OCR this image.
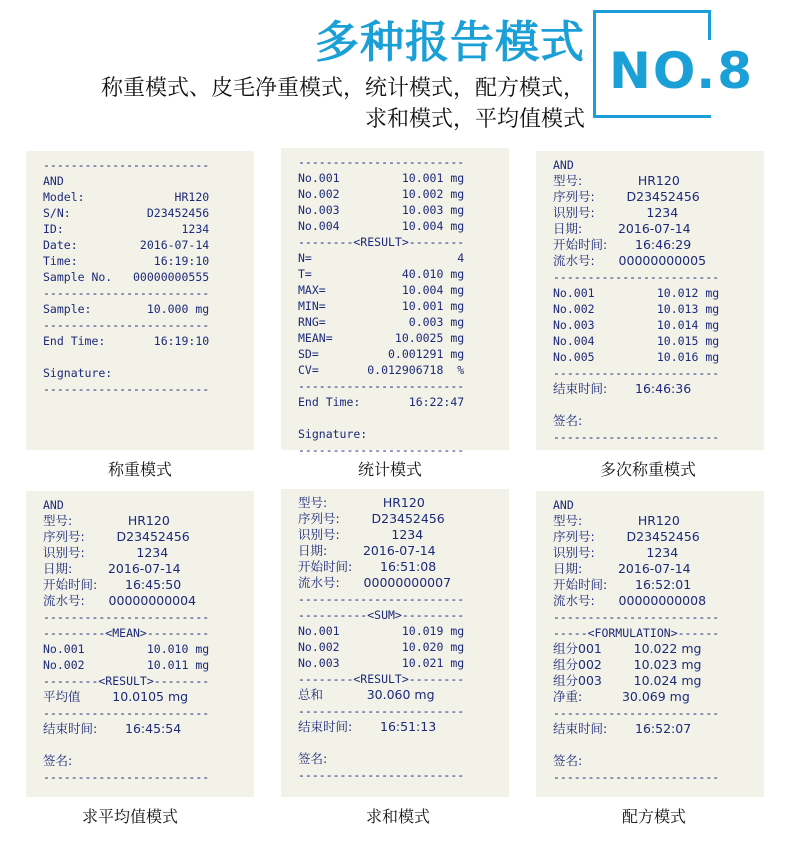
多种报告模式
称重模式、皮毛净重模式，统计模式，配方模式，
求和模式，平均值模式
NO.8
------------------------
AND
Model:             HR120
S/N:           D23452456
ID:                 1234
Date:         2016-07-14
Time:           16:19:10
Sample No.   00000000555
------------------------
Sample:        10.000 mg
------------------------
End Time:       16:19:10
Signature:
------------------------
称重模式
------------------------
No.001         10.001 mg
No.002         10.002 mg
No.003         10.003 mg
No.004         10.004 mg
--------<RESULT>--------
N=                     4
T=             40.010 mg
MAX=           10.004 mg
MIN=           10.001 mg
RNG=            0.003 mg
MEAN=         10.0025 mg
SD=          0.001291 mg
CV=       0.012906718  %
------------------------
End Time:       16:22:47
Signature:
------------------------
统计模式
AND
型号:              HR120
序列号:        D23452456
识别号:             1234
日期:         2016-07-14
开始时间:       16:46:29
流水号:      00000000005
------------------------
No.001         10.012 mg
No.002         10.013 mg
No.003         10.014 mg
No.004         10.015 mg
No.005         10.016 mg
------------------------
结束时间:       16:46:36
签名:
------------------------
多次称重模式
AND
型号:              HR120
序列号:        D23452456
识别号:             1234
日期:         2016-07-14
开始时间:       16:45:50
流水号:      00000000004
------------------------
---------<MEAN>---------
No.001         10.010 mg
No.002         10.011 mg
--------<RESULT>--------
平均值        10.0105 mg
------------------------
结束时间:       16:45:54
签名:
------------------------
求平均值模式
型号:              HR120
序列号:        D23452456
识别号:             1234
日期:         2016-07-14
开始时间:       16:51:08
流水号:      00000000007
------------------------
----------<SUM>---------
No.001         10.019 mg
No.002         10.020 mg
No.003         10.021 mg
--------<RESULT>--------
总和           30.060 mg
------------------------
结束时间:       16:51:13
签名:
------------------------
求和模式
AND
型号:              HR120
序列号:        D23452456
识别号:             1234
日期:         2016-07-14
开始时间:       16:52:01
流水号:      00000000008
------------------------
-----<FORMULATION>------
组分001        10.022 mg
组分002        10.023 mg
组分003        10.024 mg
净重:          30.069 mg
------------------------
结束时间:       16:52:07
签名:
------------------------
配方模式
